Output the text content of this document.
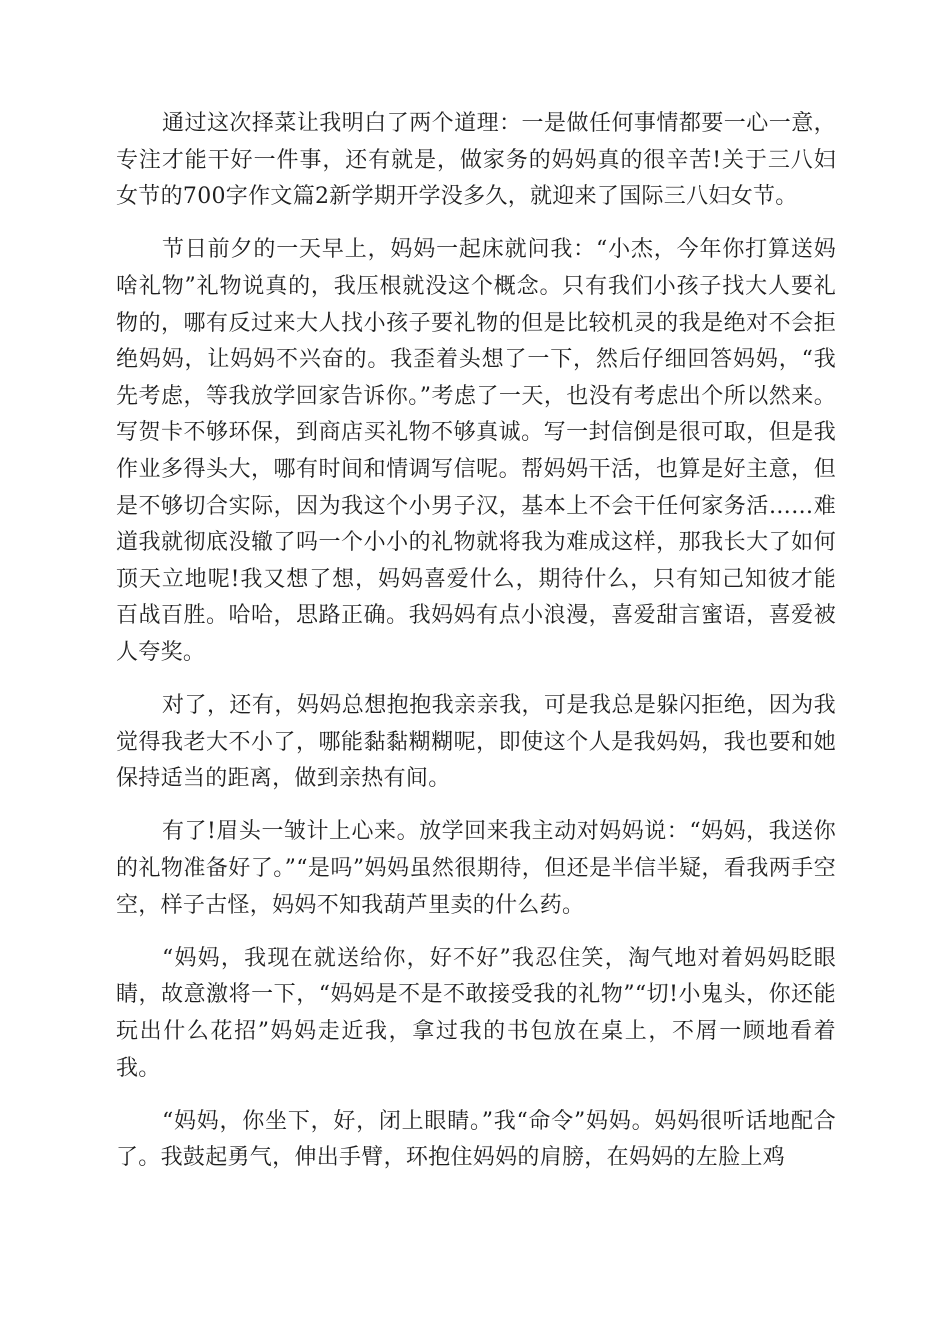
通过这次择菜让我明白了两个道理：一是做任何事情都要一心一意，专注才能干好一件事，还有就是，做家务的妈妈真的很辛苦!关于三八妇女节的700字作文篇2新学期开学没多久，就迎来了国际三八妇女节。

节日前夕的一天早上，妈妈一起床就问我：“小杰，今年你打算送妈啥礼物”礼物说真的，我压根就没这个概念。只有我们小孩子找大人要礼物的，哪有反过来大人找小孩子要礼物的但是比较机灵的我是绝对不会拒绝妈妈，让妈妈不兴奋的。我歪着头想了一下，然后仔细回答妈妈，“我先考虑，等我放学回家告诉你。”考虑了一天，也没有考虑出个所以然来。写贺卡不够环保，到商店买礼物不够真诚。写一封信倒是很可取，但是我作业多得头大，哪有时间和情调写信呢。帮妈妈干活，也算是好主意，但是不够切合实际，因为我这个小男子汉，基本上不会干任何家务活……难道我就彻底没辙了吗一个小小的礼物就将我为难成这样，那我长大了如何顶天立地呢!我又想了想，妈妈喜爱什么，期待什么，只有知己知彼才能百战百胜。哈哈，思路正确。我妈妈有点小浪漫，喜爱甜言蜜语，喜爱被人夸奖。

对了，还有，妈妈总想抱抱我亲亲我，可是我总是躲闪拒绝，因为我觉得我老大不小了，哪能黏黏糊糊呢，即使这个人是我妈妈，我也要和她保持适当的距离，做到亲热有间。

有了!眉头一皱计上心来。放学回来我主动对妈妈说：“妈妈，我送你的礼物准备好了。”“是吗”妈妈虽然很期待，但还是半信半疑，看我两手空空，样子古怪，妈妈不知我葫芦里卖的什么药。

“妈妈，我现在就送给你，好不好”我忍住笑，淘气地对着妈妈眨眼睛，故意激将一下，“妈妈是不是不敢接受我的礼物”“切!小鬼头，你还能玩出什么花招”妈妈走近我，拿过我的书包放在桌上，不屑一顾地看着我。

“妈妈，你坐下，好，闭上眼睛。”我“命令”妈妈。妈妈很听话地配合了。我鼓起勇气，伸出手臂，环抱住妈妈的肩膀，在妈妈的左脸上鸡
